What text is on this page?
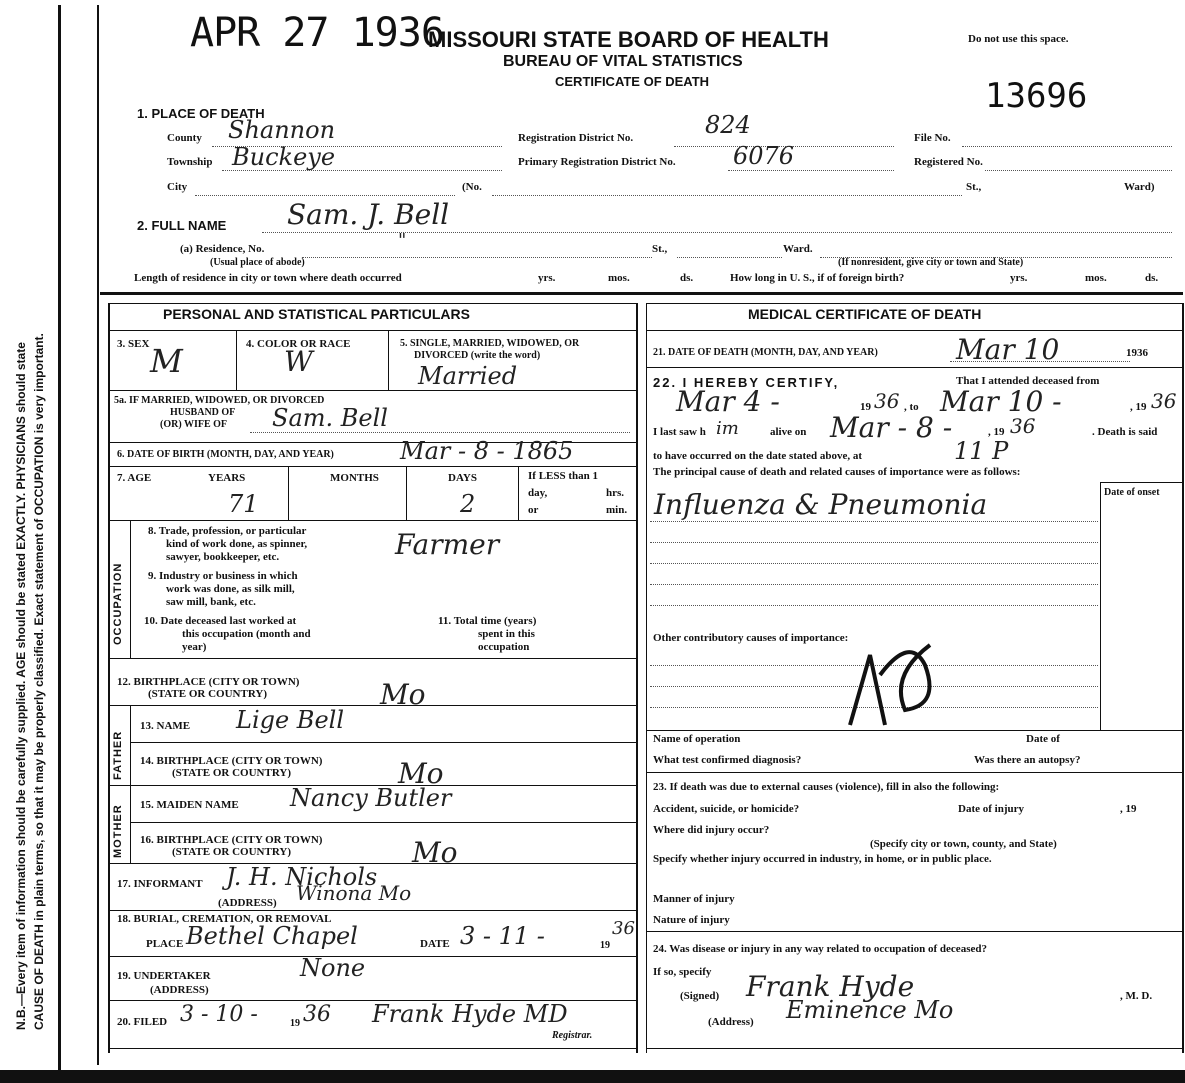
N.B.—Every item of information should be carefully supplied. AGE should be stated EXACTLY. PHYSICIANS should state CAUSE OF DEATH in plain terms, so that it may be properly classified. Exact statement of OCCUPATION is very important.
APR 27 1936
MISSOURI STATE BOARD OF HEALTH
BUREAU OF VITAL STATISTICS
CERTIFICATE OF DEATH
Do not use this space.
13696
1. PLACE OF DEATH
County Shannon
Township Buckeye
City	(No.	St.,	Ward)
Registration District No.	824
Primary Registration District No. 6076
File No.
Registered No.
2. FULL NAME Sam. J. Bell
(a) Residence, No.	"	St.,	Ward.
(Usual place of abode)	(If nonresident, give city or town and State)
Length of residence in city or town where death occurred	yrs.	mos.	ds.	How long in U. S., if of foreign birth?	yrs.	mos.	ds.
PERSONAL AND STATISTICAL PARTICULARS	MEDICAL CERTIFICATE OF DEATH
3. SEX M	4. COLOR OR RACE
W
5. SINGLE, MARRIED, WIDOWED, OR
DIVORCED (write the word)
Married
5a. IF MARRIED, WIDOWED, OR DIVORCED
HUSBAND OF
(OR) WIFE OF Sam. Bell
6. DATE OF BIRTH (MONTH, DAY, AND YEAR)	Mar - 8 - 1865
7. AGE	YEARS
71
MONTHS	DAYS
2
If LESS than 1
day,	hrs.
or	min.
OCCUPATION
8. Trade, profession, or particular
kind of work done, as spinner,
sawyer, bookkeeper, etc.	Farmer
9. Industry or business in which
work was done, as silk mill,
saw mill, bank, etc.
10. Date deceased last worked at
this occupation (month and
year)
11. Total time (years)
spent in this
occupation
12. BIRTHPLACE (CITY OR TOWN)
(STATE OR COUNTRY)	Mo
FATHER
13. NAME Lige Bell
14. BIRTHPLACE (CITY OR TOWN)
(STATE OR COUNTRY)	Mo
MOTHER 15. MAIDEN NAME Nancy Butler
16. BIRTHPLACE (CITY OR TOWN)
(STATE OR COUNTRY)	Mo
17. INFORMANT J. H. Nichols
(ADDRESS) Winona Mo
18. BURIAL, CREMATION, OR REMOVAL
PLACE Bethel Chapel	DATE 3 - 11 -	19
36
19. UNDERTAKER
(ADDRESS)
None
20. FILED 3 - 10 -	19 36 Frank Hyde MD
Registrar.
21. DATE OF DEATH (MONTH, DAY, AND YEAR)	Mar 10	1936
22. I HEREBY CERTIFY,	That I attended deceased from
Mar 4 -	19 36 , to Mar 10 -	, 19 36
I last saw h im	alive on Mar - 8 -	, 19 36	. Death is said
to have occurred on the date stated above, at	11 P
The principal cause of death and related causes of importance were as follows:
Date of onset
Influenza & Pneumonia
Other contributory causes of importance:
Name of operation	Date of
What test confirmed diagnosis?	Was there an autopsy?
23. If death was due to external causes (violence), fill in also the following:
Accident, suicide, or homicide?	Date of injury	, 19
Where did injury occur?
(Specify city or town, county, and State)
Specify whether injury occurred in industry, in home, or in public place.
Manner of injury
Nature of injury
24. Was disease or injury in any way related to occupation of deceased?
If so, specify
(Signed) Frank Hyde	, M. D.
(Address) Eminence Mo
